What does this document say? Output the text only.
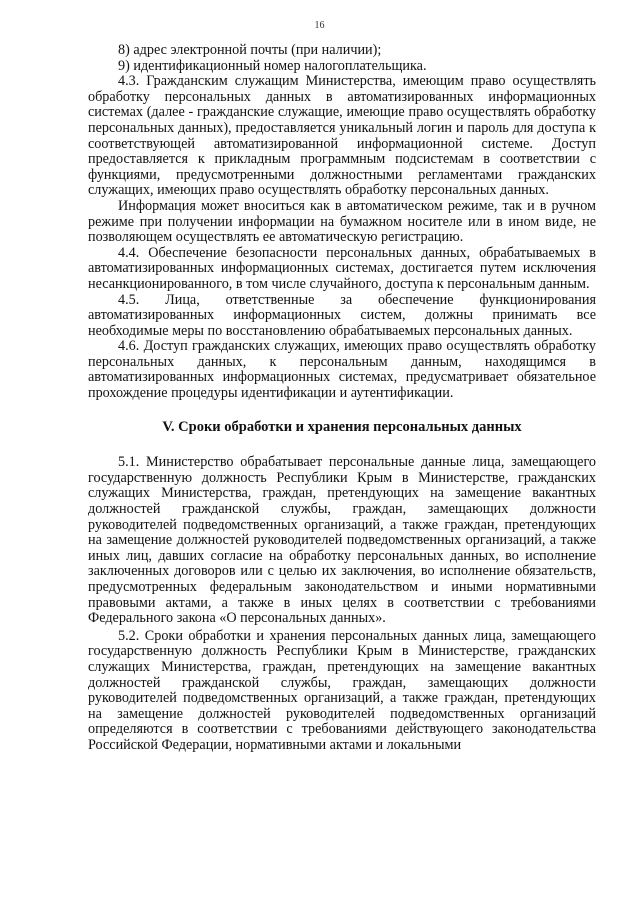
16

8) адрес электронной почты (при наличии);

9) идентификационный номер налогоплательщика.

4.3. Гражданским служащим Министерства, имеющим право осуществлять обработку персональных данных в автоматизированных информационных системах (далее - гражданские служащие, имеющие право осуществлять обработку персональных данных), предоставляется уникальный логин и пароль для доступа к соответствующей автоматизированной информационной системе. Доступ предоставляется к прикладным программным подсистемам в соответствии с функциями, предусмотренными должностными регламентами гражданских служащих, имеющих право осуществлять обработку персональных данных.

Информация может вноситься как в автоматическом режиме, так и в ручном режиме при получении информации на бумажном носителе или в ином виде, не позволяющем осуществлять ее автоматическую регистрацию.

4.4. Обеспечение безопасности персональных данных, обрабатываемых в автоматизированных информационных системах, достигается путем исключения несанкционированного, в том числе случайного, доступа к персональным данным.

4.5. Лица, ответственные за обеспечение функционирования автоматизированных информационных систем, должны принимать все необходимые меры по восстановлению обрабатываемых персональных данных.

4.6. Доступ гражданских служащих, имеющих право осуществлять обработку персональных данных, к персональным данным, находящимся в автоматизированных информационных системах, предусматривает обязательное прохождение процедуры идентификации и аутентификации.

V. Сроки обработки и хранения персональных данных

5.1. Министерство обрабатывает персональные данные лица, замещающего государственную должность Республики Крым в Министерстве, гражданских служащих Министерства, граждан, претендующих на замещение вакантных должностей гражданской службы, граждан, замещающих должности руководителей подведомственных организаций, а также граждан, претендующих на замещение должностей руководителей подведомственных организаций, а также иных лиц, давших согласие на обработку персональных данных, во исполнение заключенных договоров или с целью их заключения, во исполнение обязательств, предусмотренных федеральным законодательством и иными нормативными правовыми актами, а также в иных целях в соответствии с требованиями Федерального закона «О персональных данных».

5.2. Сроки обработки и хранения персональных данных лица, замещающего государственную должность Республики Крым в Министерстве, гражданских служащих Министерства, граждан, претендующих на замещение вакантных должностей гражданской службы, граждан, замещающих должности руководителей подведомственных организаций, а также граждан, претендующих на замещение должностей руководителей подведомственных организаций определяются в соответствии с требованиями действующего законодательства Российской Федерации, нормативными актами и локальными
